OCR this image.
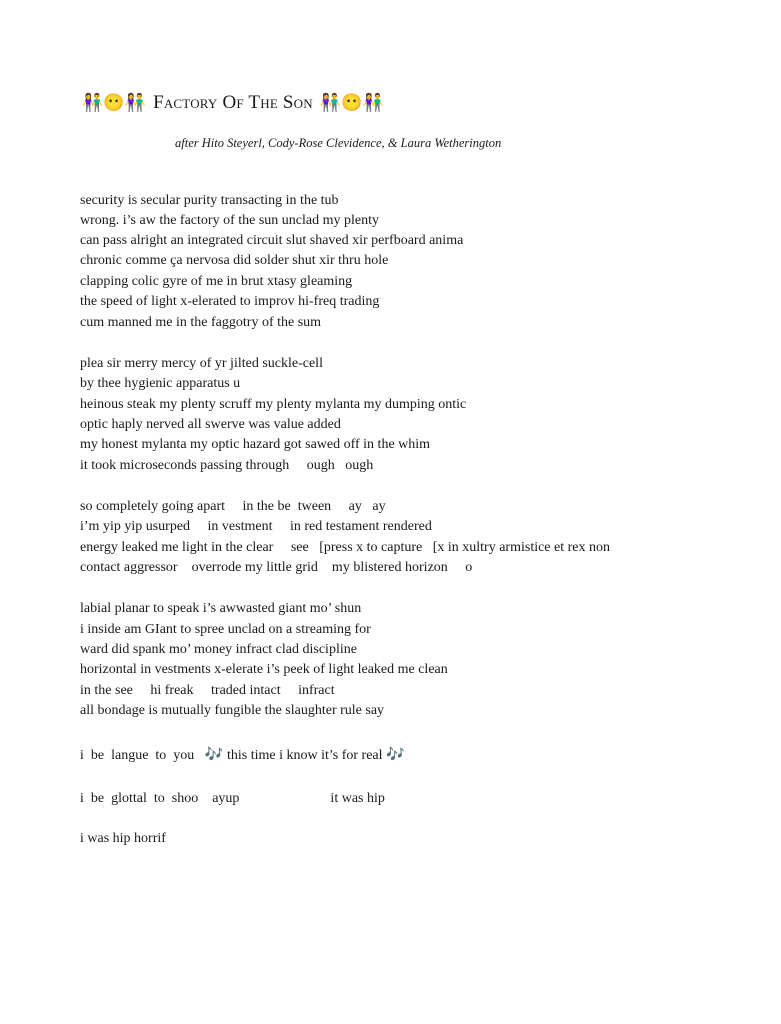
👫😶👫 Factory Of The Son 👫😶👫
after Hito Steyerl, Cody-Rose Clevidence, & Laura Wetherington
security is secular purity transacting in the tub
wrong. i’s aw the factory of the sun unclad my plenty
can pass alright an integrated circuit slut shaved xir perfboard anima
chronic comme ça nervosa did solder shut xir thru hole
clapping colic gyre of me in brut xtasy gleaming
the speed of light x-elerated to improv hi-freq trading
cum manned me in the faggotry of the sum
plea sir merry mercy of yr jilted suckle-cell
by thee hygienic apparatus u
heinous steak my plenty scruff my plenty mylanta my dumping ontic
optic haply nerved all swerve was value added
my honest mylanta my optic hazard got sawed off in the whim
it took microseconds passing through     ough   ough
so completely going apart     in the be  tween     ay   ay
i’m yip yip usurped     in vestment     in red testament rendered
energy leaked me light in the clear     see   [press x to capture   [x in xultry armistice et rex non
contact aggressor    overrode my little grid    my blistered horizon     o
labial planar to speak i’s awwasted giant mo’ shun
i inside am GIant to spree unclad on a streaming for
ward did spank mo’ money infract clad discipline
horizontal in vestments x-elerate i’s peek of light leaked me clean
in the see     hi freak     traded intact     infract
all bondage is mutually fungible the slaughter rule say
i  be  langue  to  you 🎶 this time i know it’s for real 🎶
i  be  glottal  to  shoo    ayup                          it was hip
i was hip horrif
